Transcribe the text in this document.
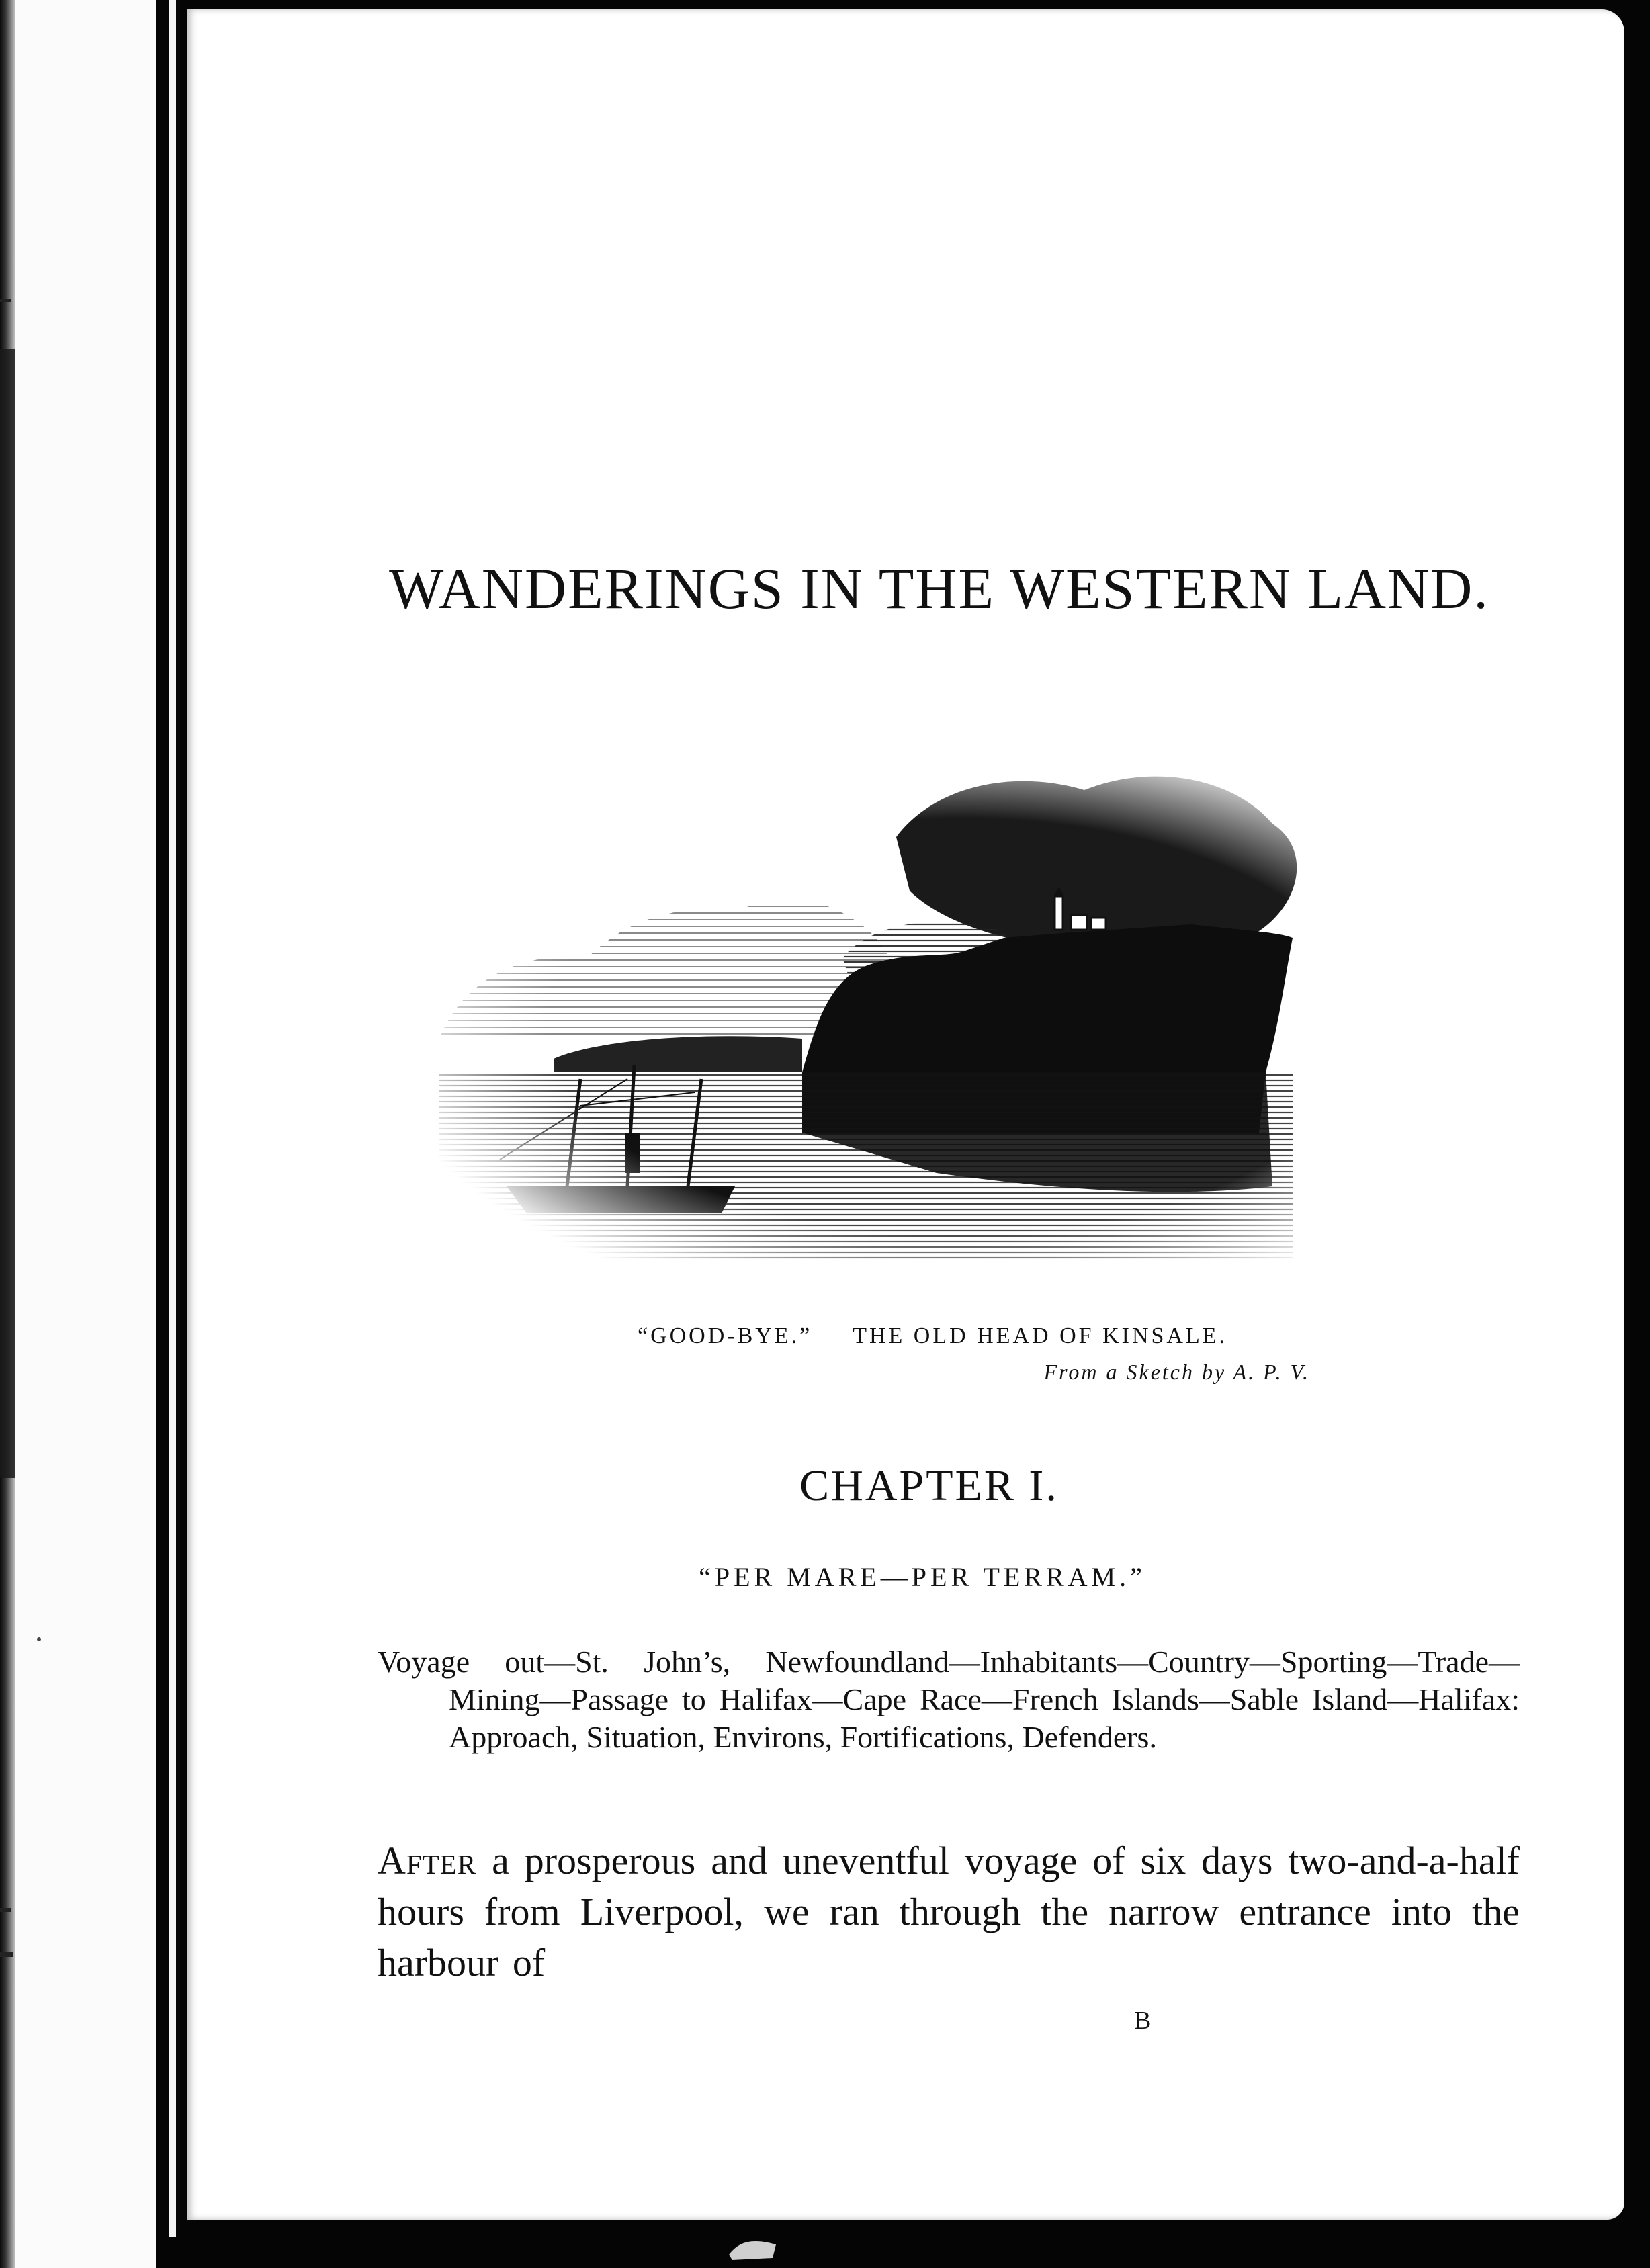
WANDERINGS IN THE WESTERN LAND.
“GOOD-BYE.” THE OLD HEAD OF KINSALE.
From a Sketch by A. P. V.
CHAPTER I.
“PER MARE—PER TERRAM.”
Voyage out—St. John’s, Newfoundland—Inhabitants—Country—Sporting—Trade—Mining—Passage to Halifax—Cape Race—French Islands—Sable Island—Halifax: Approach, Situation, Environs, Fortifications, Defenders.
After a prosperous and uneventful voyage of six days two-and-a-half hours from Liverpool, we ran through the narrow entrance into the harbour of
B
